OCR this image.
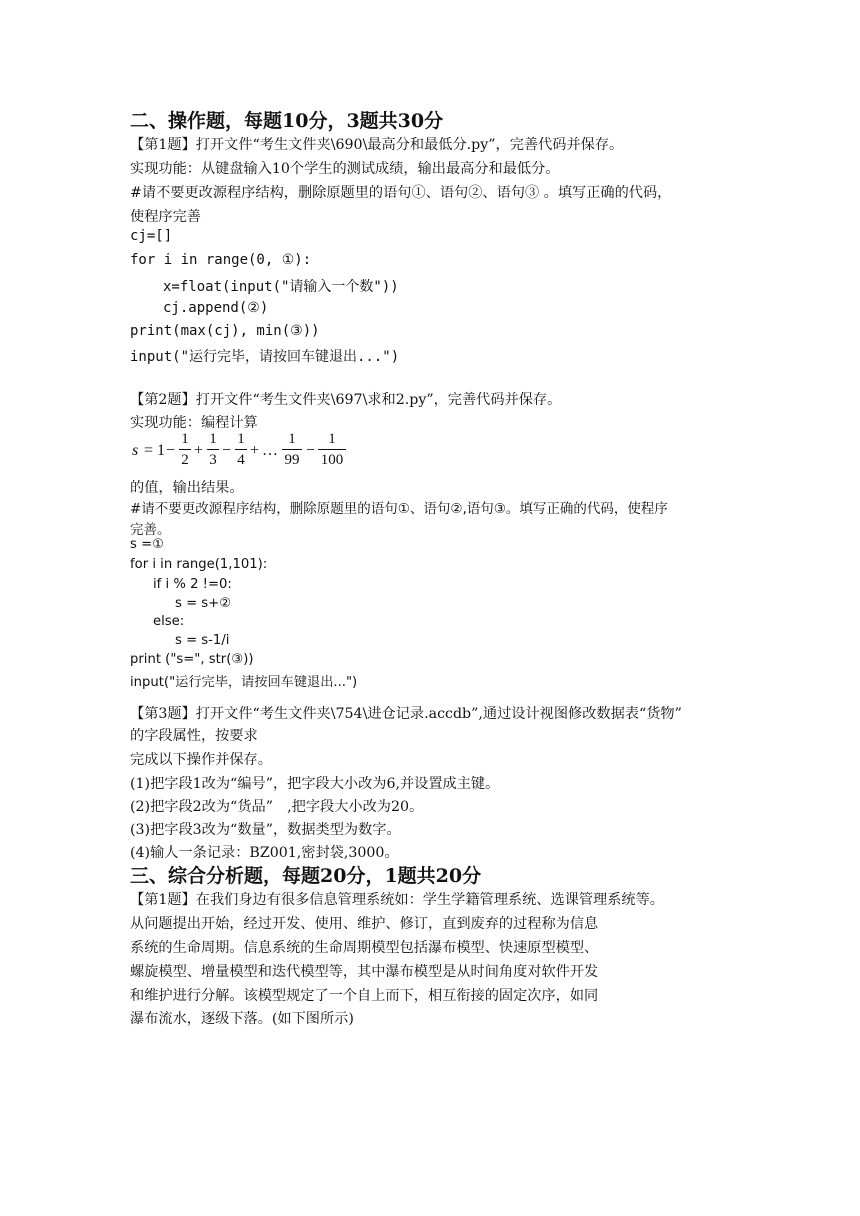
二、操作题，每题10分，3题共30分
【第1题】打开文件“考生文件夹\690\最高分和最低分.py”，完善代码并保存。
实现功能：从键盘输入10个学生的测试成绩，输出最高分和最低分。
#请不要更改源程序结构，删除原题里的语句①、语句②、语句③ 。填写正确的代码，
使程序完善
cj=[]
for i in range(0, ①):
x=float(input("请输入一个数"))
cj.append(②)
print(max(cj), min(③))
input("运行完毕，请按回车键退出...")
【第2题】打开文件“考生文件夹\697\求和2.py”，完善代码并保存。
实现功能：编程计算
s = 1 −
1
2
+
1
3
−
1
4
+ …
1
99
−
1
100
的值，输出结果。
#请不要更改源程序结构，删除原题里的语句①、语句②,语句③。填写正确的代码，使程序
完善。
s =①
for i in range(1,101):
if i % 2 !=0:
s = s+②
else:
s = s-1/i
print ("s=", str(③))
input("运行完毕，请按回车键退出...")
【第3题】打开文件“考生文件夹\754\进仓记录.accdb”,通过设计视图修改数据表“货物”
的字段属性，按要求
完成以下操作并保存。
(1)把字段1改为“编号”，把字段大小改为6,并设置成主键。
(2)把字段2改为“货品”　,把字段大小改为20。
(3)把字段3改为“数量”，数据类型为数字。
(4)输人一条记录：BZ001,密封袋,3000。
三、综合分析题，每题20分，1题共20分
【第1题】在我们身边有很多信息管理系统如：学生学籍管理系统、选课管理系统等。
从问题提出开始，经过开发、使用、维护、修订，直到废弃的过程称为信息
系统的生命周期。信息系统的生命周期模型包括瀑布模型、快速原型模型、
螺旋模型、增量模型和迭代模型等，其中瀑布模型是从时间角度对软件开发
和维护进行分解。该模型规定了一个自上而下，相互衔接的固定次序，如同
瀑布流水，逐级下落。(如下图所示)
